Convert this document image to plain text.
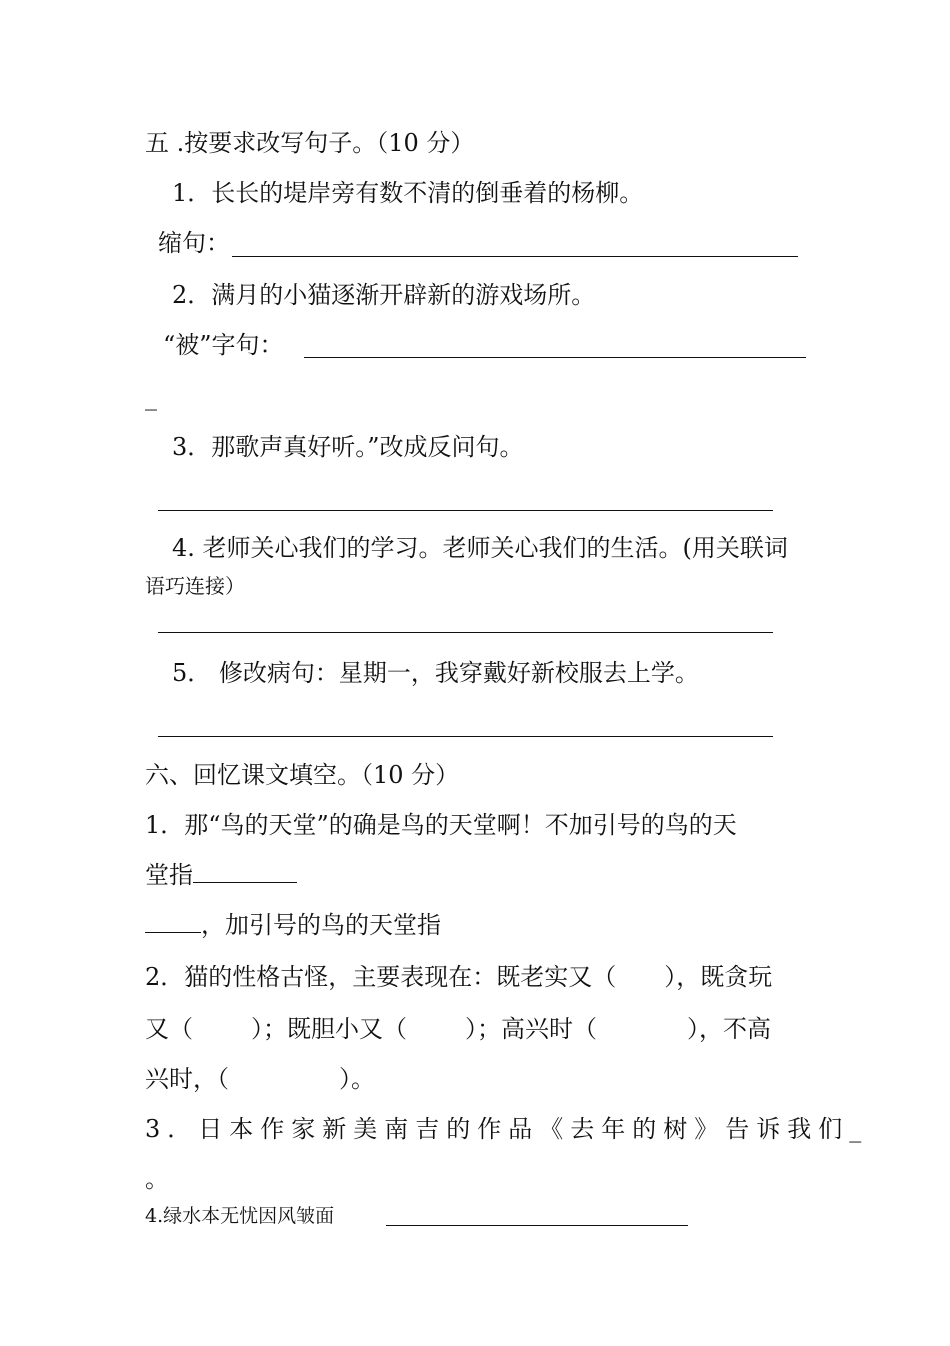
五 .按要求改写句子。（10 分）
1．长长的堤岸旁有数不清的倒垂着的杨柳。
缩句：
2．满月的小猫逐渐开辟新的游戏场所。
“被”字句：
_
3．那歌声真好听。”改成反问句。
4. 老师关心我们的学习。老师关心我们的生活。(用关联词
语巧连接）
5． 修改病句：星期一，我穿戴好新校服去上学。
六、回忆课文填空。（10 分）
1．那“鸟的天堂”的确是鸟的天堂啊！不加引号的鸟的天
堂指
，加引号的鸟的天堂指
2．猫的性格古怪，主要表现在：既老实又（ ），既贪玩
又（ ）；既胆小又（ ）；高兴时（	），不高
兴时，（	）。
3．日本作家新美南吉的作品《去年的树》告诉我们_
。
4.绿水本无忧因风皱面
